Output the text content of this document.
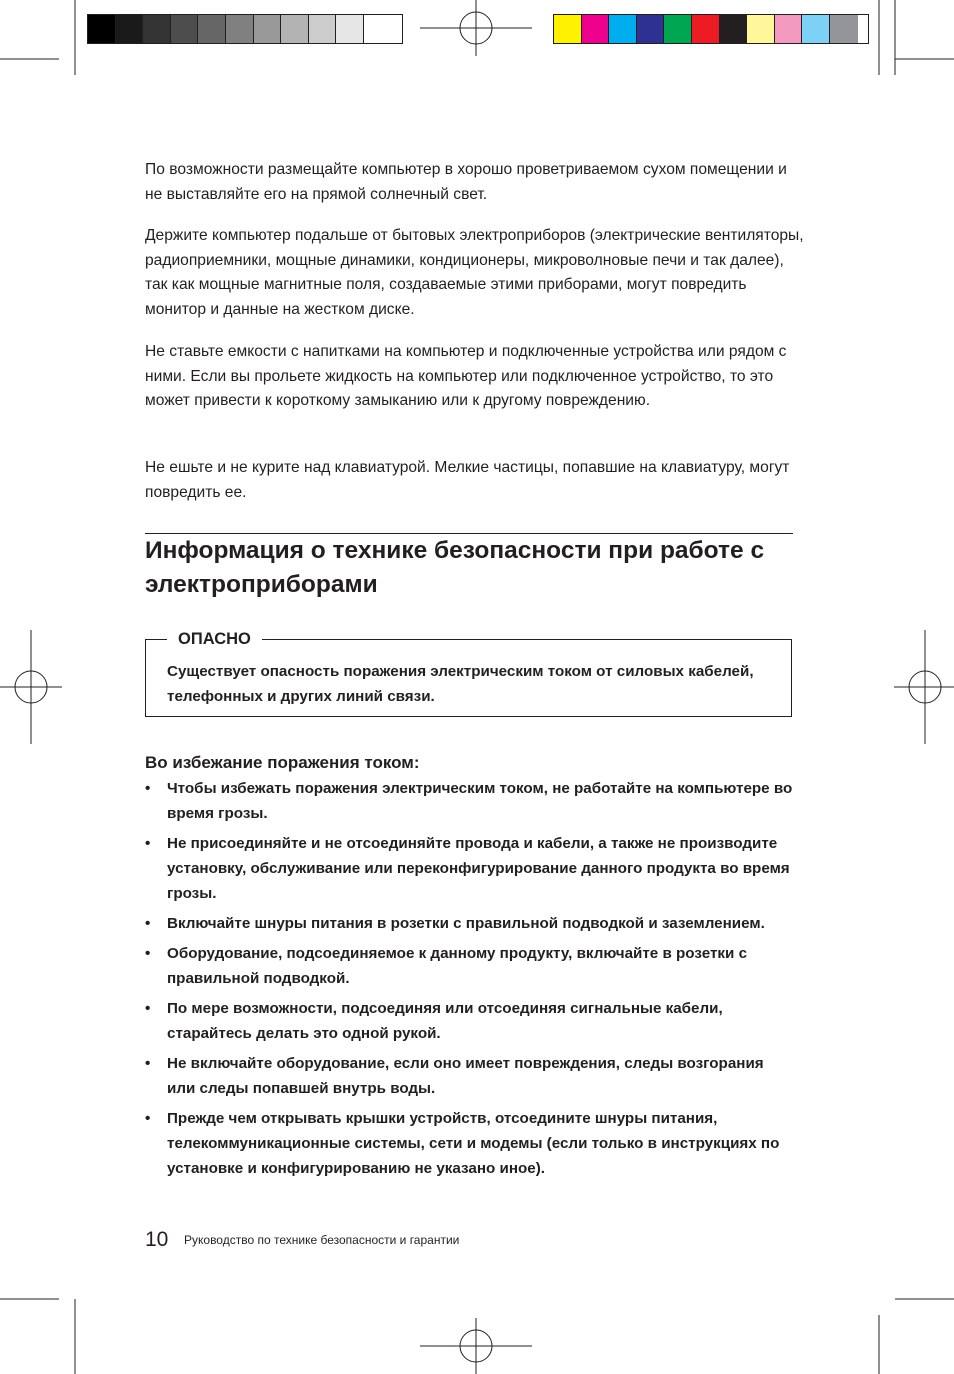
По возможности размещайте компьютер в хорошо проветриваемом сухом помещении и не выставляйте его на прямой солнечный свет.

Держите компьютер подальше от бытовых электроприборов (электрические вентиляторы, радиоприемники, мощные динамики, кондиционеры, микроволновые печи и так далее), так как мощные магнитные поля, создаваемые этими приборами, могут повредить монитор и данные на жестком диске.

Не ставьте емкости с напитками на компьютер и подключенные устройства или рядом с ними. Если вы прольете жидкость на компьютер или подключенное устройство, то это может привести к короткому замыканию или к другому повреждению.

Не ешьте и не курите над клавиатурой. Мелкие частицы, попавшие на клавиатуру, могут повредить ее.

Информация о технике безопасности при работе с электроприборами
ОПАСНО

Существует опасность поражения электрическим током от силовых кабелей, телефонных и других линий связи.

Во избежание поражения током:
• Чтобы избежать поражения электрическим током, не работайте на компьютере во время грозы.
• Не присоединяйте и не отсоединяйте провода и кабели, а также не производите установку, обслуживание или переконфигурирование данного продукта во время грозы.
• Включайте шнуры питания в розетки с правильной подводкой и заземлением.
• Оборудование, подсоединяемое к данному продукту, включайте в розетки с правильной подводкой.
• По мере возможности, подсоединяя или отсоединяя сигнальные кабели, старайтесь делать это одной рукой.
• Не включайте оборудование, если оно имеет повреждения, следы возгорания или следы попавшей внутрь воды.
• Прежде чем открывать крышки устройств, отсоедините шнуры питания, телекоммуникационные системы, сети и модемы (если только в инструкциях по установке и конфигурированию не указано иное).

10 Руководство по технике безопасности и гарантии
